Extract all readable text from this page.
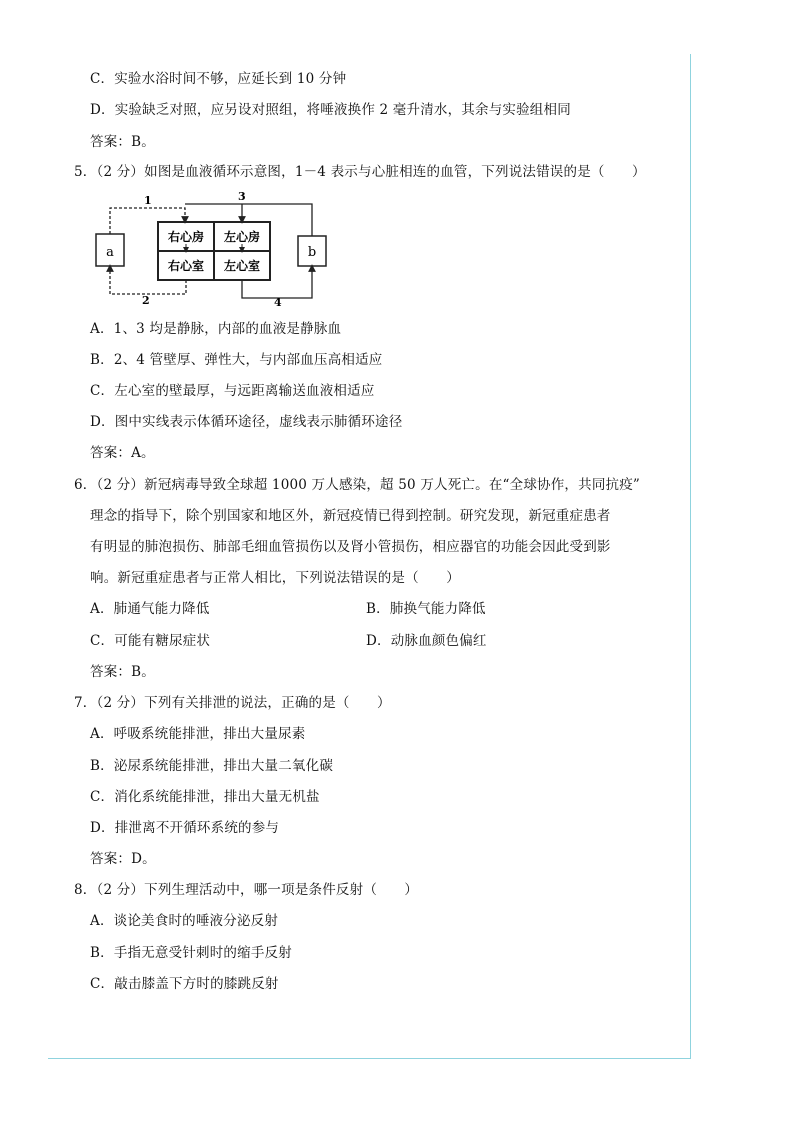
C．实验水浴时间不够，应延长到 10 分钟
D．实验缺乏对照，应另设对照组，将唾液换作 2 毫升清水，其余与实验组相同
答案：B。
5．（2 分）如图是血液循环示意图，1－4 表示与心脏相连的血管，下列说法错误的是（　　）
a	b
右心房 左心房
右心室 左心室
1	3
2	4
A．1、3 均是静脉，内部的血液是静脉血
B．2、4 管壁厚、弹性大，与内部血压高相适应
C．左心室的壁最厚，与远距离输送血液相适应
D．图中实线表示体循环途径，虚线表示肺循环途径
答案：A。
6．（2 分）新冠病毒导致全球超 1000 万人感染，超 50 万人死亡。在“全球协作，共同抗疫”
理念的指导下，除个别国家和地区外，新冠疫情已得到控制。研究发现，新冠重症患者
有明显的肺泡损伤、肺部毛细血管损伤以及肾小管损伤，相应器官的功能会因此受到影
响。新冠重症患者与正常人相比，下列说法错误的是（　　）
A．肺通气能力降低	B．肺换气能力降低
C．可能有糖尿症状	D．动脉血颜色偏红
答案：B。
7．（2 分）下列有关排泄的说法，正确的是（　　）
A．呼吸系统能排泄，排出大量尿素
B．泌尿系统能排泄，排出大量二氧化碳
C．消化系统能排泄，排出大量无机盐
D．排泄离不开循环系统的参与
答案：D。
8．（2 分）下列生理活动中，哪一项是条件反射（　　）
A．谈论美食时的唾液分泌反射
B．手指无意受针刺时的缩手反射
C．敲击膝盖下方时的膝跳反射
